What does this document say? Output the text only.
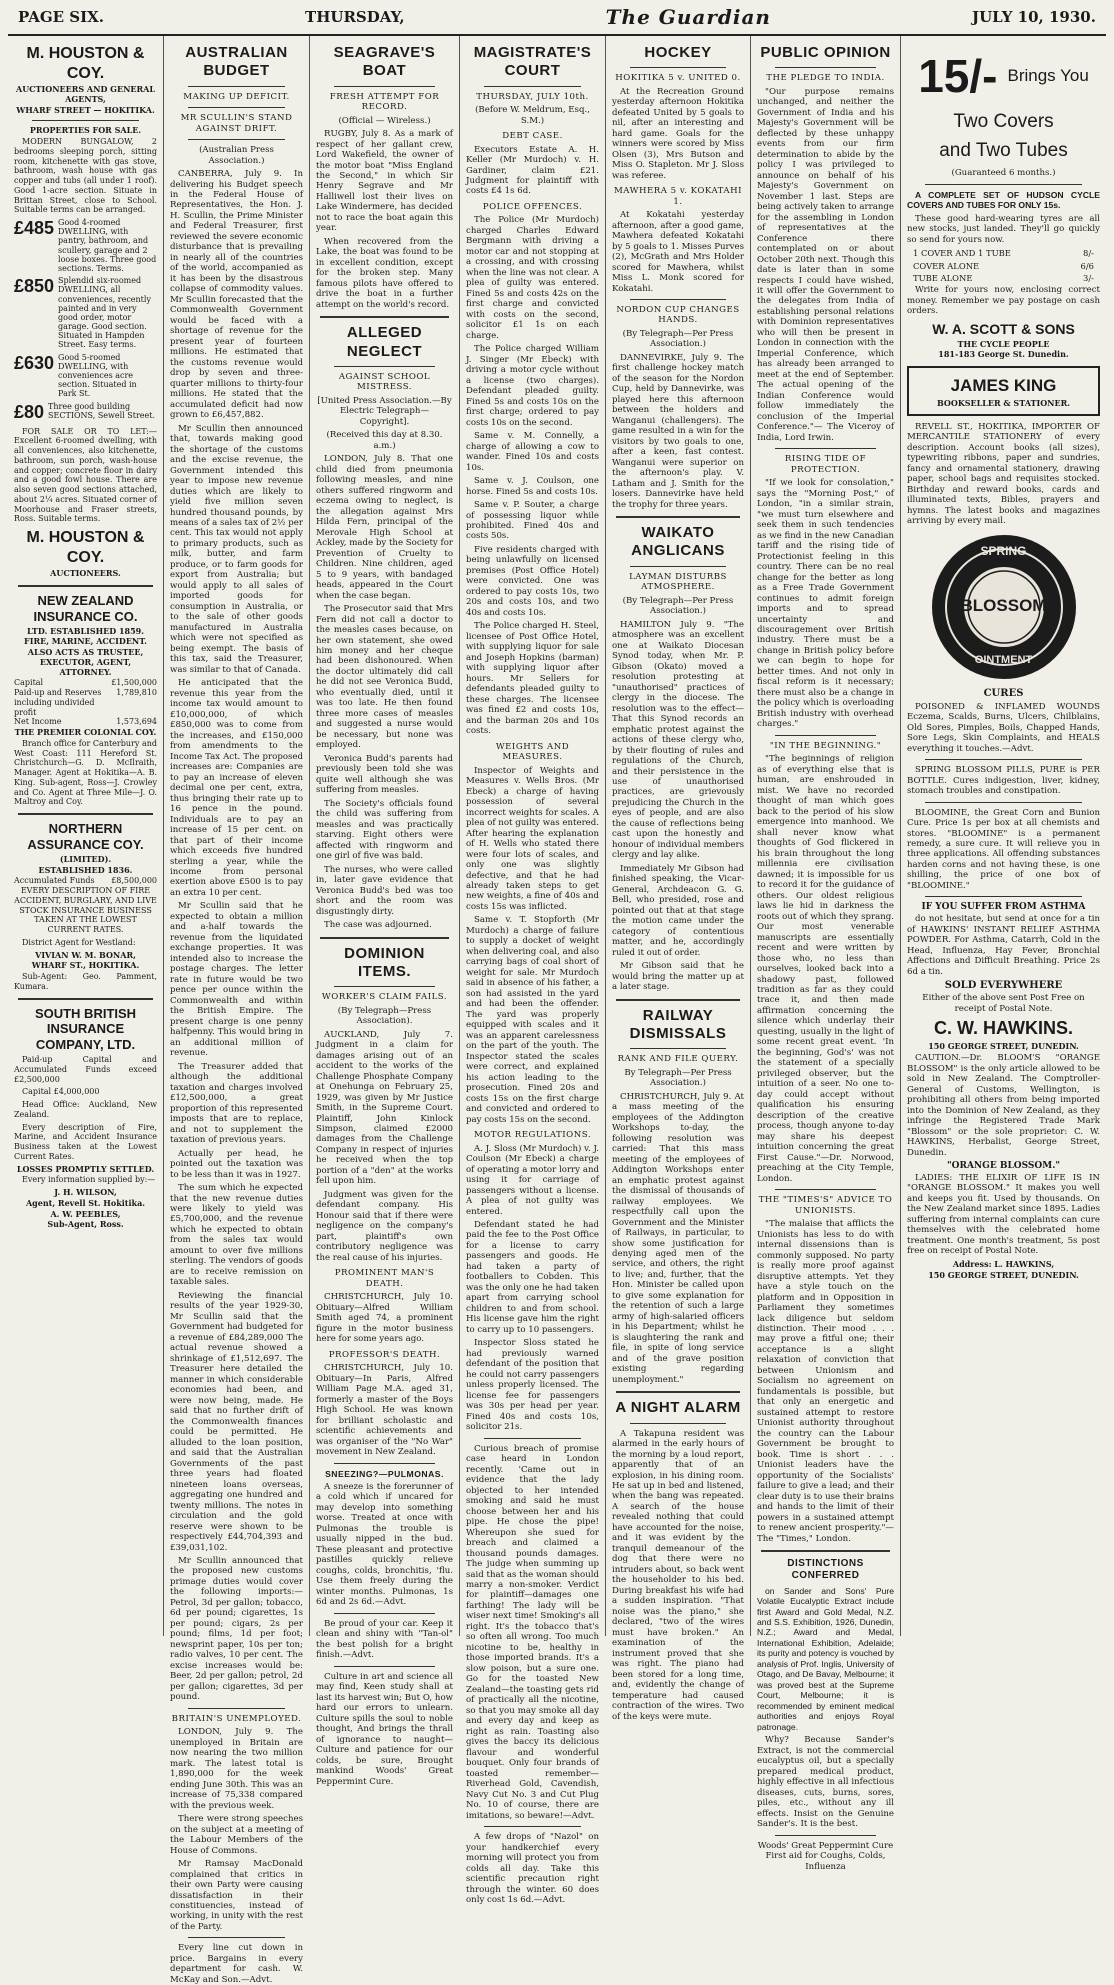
PAGE SIX.	THURSDAY,	The Guardian	JULY 10, 1930.
M. HOUSTON & COY.
AUCTIONEERS AND GENERAL AGENTS,
WHARF STREET — HOKITIKA.
PROPERTIES FOR SALE.

MODERN BUNGALOW, 2 bedrooms sleeping porch, sitting room, kitchenette with gas stove, bathroom, wash house with gas copper and tubs (all under 1 roof). Good 1-acre section. Situate in Brittan Street, close to School. Suitable terms can be arranged.

£485 Good 4-roomed DWELLING, with pantry, bathroom, and scullery, garage and 2 loose boxes. Three good sections. Terms.
£850 Splendid six-roomed DWELLING, all conveniences, recently painted and in very good order, motor garage. Good section. Situated in Hampden Street. Easy terms.
£630 Good 5-roomed DWELLING, with conveniences acre section. Situated in Park St.
£80 Three good building SECTIONS, Sewell Street.

FOR SALE OR TO LET:—Excellent 6-roomed dwelling, with all conveniences, also kitchenette, bathroom, sun porch, wash-house and copper; concrete floor in dairy and a good fowl house. There are also seven good sections attached, about 2¼ acres. Situated corner of Moorhouse and Fraser streets, Ross. Suitable terms.

M. HOUSTON & COY.
AUCTIONEERS.
NEW ZEALAND INSURANCE CO.
LTD. ESTABLISHED 1859.
FIRE, MARINE, ACCIDENT.
ALSO ACTS AS TRUSTEE, EXECUTOR, AGENT, ATTORNEY.
Capital	£1,500,000
Paid-up and Reserves including undivided profit
1,789,810
Net Income	1,573,694
THE PREMIER COLONIAL COY.

Branch office for Canterbury and West Coast: 111 Hereford St. Christchurch—G. D. McIlraith, Manager. Agent at Hokitika—A. B. King. Sub-agent, Ross—J. Crowley and Co. Agent at Three Mile—J. O. Maltroy and Coy.

NORTHERN ASSURANCE COY.
(LIMITED).
ESTABLISHED 1836.
Accumulated Funds £8,500,000

EVERY DESCRIPTION OF FIRE ACCIDENT, BURGLARY, AND LIVE STOCK INSURANCE BUSINESS TAKEN AT THE LOWEST CURRENT RATES.

District Agent for Westland:

VIVIAN W. M. BONAR,
WHARF ST., HOKITIKA.

Sub-Agent: Geo. Pamment, Kumara.

SOUTH BRITISH INSURANCE COMPANY, LTD.

Paid-up Capital and Accumulated Funds exceed £2,500,000

Capital £4,000,000

Head Office: Auckland, New Zealand.

Every description of Fire, Marine, and Accident Insurance Business taken at the Lowest Current Rates.

LOSSES PROMPTLY SETTLED.

Every information supplied by:—

J. H. WILSON,
Agent, Revell St. Hokitika.
A. W. PEEBLES,
Sub-Agent, Ross.
AUSTRALIAN BUDGET
MAKING UP DEFICIT.
MR SCULLIN'S STAND AGAINST DRIFT.

(Australian Press Association.)

CANBERRA, July 9. In delivering his Budget speech in the Federal House of Representatives, the Hon. J. H. Scullin, the Prime Minister and Federal Treasurer, first reviewed the severe economic disturbance that is prevailing in nearly all of the countries of the world, accompanied as it has been by the disastrous collapse of commodity values. Mr Scullin forecasted that the Commonwealth Government would be faced with a shortage of revenue for the present year of fourteen millions. He estimated that the customs revenue would drop by seven and three-quarter millions to thirty-four millions. He stated that the accumulated deficit had now grown to £6,457,882.

Mr Scullin then announced that, towards making good the shortage of the customs and the excise revenue, the Government intended this year to impose new revenue duties which are likely to yield five million seven hundred thousand pounds, by means of a sales tax of 2½ per cent. This tax would not apply to primary products, such as milk, butter, and farm produce, or to farm goods for export from Australia; but would apply to all sales of imported goods for consumption in Australia, or to the sale of other goods manufactured in Australia which were not specified as being exempt. The basis of this tax, said the Treasurer, was similar to that of Canada.

He anticipated that the revenue this year from the income tax would amount to £10,000,000, of which £850,000 was to come from the increases, and £150,000 from amendments to the Income Tax Act. The proposed increases are: Companies are to pay an increase of eleven decimal one per cent, extra, thus bringing their rate up to 16 pence in the pound. Individuals are to pay an increase of 15 per cent. on that part of their income which exceeds five hundred sterling a year, while the income from personal exertion above £500 is to pay an extra 10 per cent.

Mr Scullin said that he expected to obtain a million and a-half towards the revenue from the liquidated exchange properties. It was intended also to increase the postage charges. The letter rate in future would be two pence per ounce within the Commonwealth and within the British Empire. The present charge is one penny halfpenny. This would bring in an additional million of revenue.

The Treasurer added that although the additional taxation and charges involved £12,500,000, a great proportion of this represented imposts that are to replace, and not to supplement the taxation of previous years.

Actually per head, he pointed out the taxation was to be less than it was in 1927.

The sum which he expected that the new revenue duties were likely to yield was £5,700,000, and the revenue which he expected to obtain from the sales tax would amount to over five millions sterling. The vendors of goods are to receive remission on taxable sales.

Reviewing the financial results of the year 1929-30, Mr Scullin said that the Government had budgeted for a revenue of £84,289,000 The actual revenue showed a shrinkage of £1,512,697. The Treasurer here detailed the manner in which considerable economies had been, and were now being, made. He said that no further drift of the Commonwealth finances could be permitted. He alluded to the loan position, and said that the Australian Governments of the past three years had floated nineteen loans overseas, aggregating one hundred and twenty millions. The notes in circulation and the gold reserve were shown to be respectively £44,704,393 and £39,031,102.

Mr Scullin announced that the proposed new customs primage duties would cover the following imports:— Petrol, 3d per gallon; tobacco, 6d per pound; cigarettes, 1s per pound; cigars, 2s per pound; films, 1d per foot; newsprint paper, 10s per ton; radio valves, 10 per cent. The excise increases would be: Beer, 2d per gallon; petrol, 2d per gallon; cigarettes, 3d per pound.

BRITAIN'S UNEMPLOYED.

LONDON, July 9. The unemployed in Britain are now nearing the two million mark. The latest total is 1,890,000 for the week ending June 30th. This was an increase of 75,338 compared with the previous week.

There were strong speeches on the subject at a meeting of the Labour Members of the House of Commons.

Mr Ramsay MacDonald complained that critics in their own Party were causing dissatisfaction in their constituencies, instead of working, in unity with the rest of the Party.

Every line cut down in price. Bargains in every department for cash. W. McKay and Son.—Advt.

SEAGRAVE'S BOAT
FRESH ATTEMPT FOR RECORD.

(Official — Wireless.)

RUGBY, July 8. As a mark of respect of her gallant crew, Lord Wakefield, the owner of the motor boat "Miss England the Second," in which Sir Henry Segrave and Mr Halliwell lost their lives on Lake Windermere, has decided not to race the boat again this year.

When recovered from the Lake, the boat was found to be in excellent condition, except for the broken step. Many famous pilots have offered to drive the boat in a further attempt on the world's record.

ALLEGED NEGLECT
AGAINST SCHOOL MISTRESS.

[United Press Association.—By Electric Telegraph—Copyright].

(Received this day at 8.30. a.m.)

LONDON, July 8. That one child died from pneumonia following measles, and nine others suffered ringworm and eczema owing to neglect, is the allegation against Mrs Hilda Fern, principal of the Merovale High School at Ackley, made by the Society for Prevention of Cruelty to Children. Nine children, aged 5 to 9 years, with bandaged heads, appeared in the Court when the case began.

The Prosecutor said that Mrs Fern did not call a doctor to the measles cases because, on her own statement, she owed him money and her cheque had been dishonoured. When the doctor ultimately did call he did not see Veronica Budd, who eventually died, until it was too late. He then found three more cases of measles and suggested a nurse would be necessary, but none was employed.

Veronica Budd's parents had previously been told she was quite well although she was suffering from measles.

The Society's officials found the child was suffering from measles and was practically starving. Eight others were affected with ringworm and one girl of five was bald.

The nurses, who were called in, later gave evidence that Veronica Budd's bed was too short and the room was disgustingly dirty.

The case was adjourned.

DOMINION ITEMS.
WORKER'S CLAIM FAILS.

(By Telegraph—Press Association).

AUCKLAND, July 7. Judgment in a claim for damages arising out of an accident to the works of the Challenge Phosphate Company at Onehunga on February 25, 1929, was given by Mr Justice Smith, in the Supreme Court. Plaintiff, John Kinlock Simpson, claimed £2000 damages from the Challenge Company in respect of injuries he received when the top portion of a "den" at the works fell upon him.

Judgment was given for the defendant company. His Honour said that if there were negligence on the company's part, plaintiff's own contributory negligence was the real cause of his injuries.

PROMINENT MAN'S DEATH.

CHRISTCHURCH, July 10. Obituary—Alfred William Smith aged 74, a prominent figure in the motor business here for some years ago.

PROFESSOR'S DEATH.

CHRISTCHURCH, July 10. Obituary—In Paris, Alfred William Page M.A. aged 31, formerly a master of the Boys High School. He was known for brilliant scholastic and scientific achievements and was organiser of the "No War" movement in New Zealand.

SNEEZING?—PULMONAS.

A sneeze is the forerunner of a cold which if uncared for may develop into something worse. Treated at once with Pulmonas the trouble is usually nipped in the bud. These pleasant and protective pastilles quickly relieve coughs, colds, bronchitis, 'flu. Use them freely during the winter months. Pulmonas, 1s 6d and 2s 6d.—Advt.

Be proud of your car. Keep it clean and shiny with "Tan-ol" the best polish for a bright finish.—Advt.

Culture in art and science all may find, Keen study shall at last its harvest win; But O, how hard our errors to unlearn. Culture spills the soul to noble thought, And brings the thrall of ignorance to naught— Culture and patience for our colds, be sure, Brought mankind Woods' Great Peppermint Cure.

MAGISTRATE'S COURT
THURSDAY, JULY 10th.

(Before W. Meldrum, Esq., S.M.)

DEBT CASE.

Executors Estate A. H. Keller (Mr Murdoch) v. H. Gardiner, claim £21. Judgment for plaintiff with costs £4 1s 6d.

POLICE OFFENCES.

The Police (Mr Murdoch) charged Charles Edward Bergmann with driving a motor car and not stopping at a crossing, and with crossing when the line was not clear. A plea of guilty was entered. Fined 5s and costs 42s on the first charge and convicted with costs on the second, solicitor £1 1s on each charge.

The Police charged William J. Singer (Mr Ebeck) with driving a motor cycle without a license (two charges). Defendant pleaded guilty. Fined 5s and costs 10s on the first charge; ordered to pay costs 10s on the second.

Same v. M. Connelly, a charge of allowing a cow to wander. Fined 10s and costs 10s.

Same v. J. Coulson, one horse. Fined 5s and costs 10s.

Same v. P. Souter, a charge of possessing liquor while prohibited. Fined 40s and costs 50s.

Five residents charged with being unlawfully on licensed premises (Post Office Hotel) were convicted. One was ordered to pay costs 10s, two 20s and costs 10s, and two 40s and costs 10s.

The Police charged H. Steel, licensee of Post Office Hotel, with supplying liquor for sale and Joseph Hopkins (barman) with supplying liquor after hours. Mr Sellers for defendants pleaded guilty to these charges. The licensee was fined £2 and costs 10s, and the barman 20s and 10s costs.

WEIGHTS AND MEASURES.

Inspector of Weights and Measures v. Wells Bros. (Mr Ebeck) a charge of having possession of several incorrect weights for scales. A plea of not guilty was entered. After hearing the explanation of H. Wells who stated there were four lots of scales, and only one was slightly defective, and that he had already taken steps to get new weights, a fine of 40s and costs 15s was inflicted.

Same v. T. Stopforth (Mr Murdoch) a charge of failure to supply a docket of weight when delivering coal, and also carrying bags of coal short of weight for sale. Mr Murdoch said in absence of his father, a son had assisted in the yard and had been the offender. The yard was properly equipped with scales and it was an apparent carelessness on the part of the youth. The Inspector stated the scales were correct, and explained his action leading to the prosecution. Fined 20s and costs 15s on the first charge and convicted and ordered to pay costs 15s on the second.

MOTOR REGULATIONS.

A. J. Sloss (Mr Murdoch) v. J. Coulson (Mr Ebeck) a charge of operating a motor lorry and using it for carriage of passengers without a license. A plea of not guilty was entered.

Defendant stated he had paid the fee to the Post Office for a license to carry passengers and goods. He had taken a party of footballers to Cobden. This was the only one he had taken apart from carrying school children to and from school. His license gave him the right to carry up to 10 passengers.

Inspector Sloss stated he had previously warned defendant of the position that he could not carry passengers unless properly licensed. The license fee for passengers was 30s per head per year. Fined 40s and costs 10s, solicitor 21s.

Curious breach of promise case heard in London recently. 'Came out in evidence that the lady objected to her intended smoking and said he must choose between her and his pipe. He chose the pipe! Whereupon she sued for breach and claimed a thousand pounds damages. The judge when summing up said that as the woman should marry a non-smoker. Verdict for plaintiff—damages one farthing! The lady will be wiser next time! Smoking's all right. It's the tobacco that's so often all wrong. Too much nicotine to be, healthy in those imported brands. It's a slow poison, but a sure one. Go for the toasted New Zealand—the toasting gets rid of practically all the nicotine, so that you may smoke all day and every day and keep as right as rain. Toasting also gives the baccy its delicious flavour and wonderful bouquet. Only four brands of toasted remember—Riverhead Gold, Cavendish, Navy Cut No. 3 and Cut Plug No. 10 of course, there are imitations, so beware!—Advt.

A few drops of "Nazol" on your handkerchief every morning will protect you from colds all day. Take this scientific precaution right through the winter. 60 does only cost 1s 6d.—Advt.

HOCKEY
HOKITIKA 5 v. UNITED 0.

At the Recreation Ground yesterday afternoon Hokitika defeated United by 5 goals to nil, after an interesting and hard game. Goals for the winners were scored by Miss Olsen (3), Mrs Butson and Miss O. Stapleton. Mr J. Sloss was referee.

MAWHERA 5 v. KOKATAHI 1.

At Kokatahi yesterday afternoon, after a good game, Mawhera defeated Kokatahi by 5 goals to 1. Misses Purves (2), McGrath and Mrs Holder scored for Mawhera, whilst Miss L. Monk scored for Kokatahi.

NORDON CUP CHANGES HANDS.

(By Telegraph—Per Press Association.)

DANNEVIRKE, July 9. The first challenge hockey match of the season for the Nordon Cup, held by Dannevirke, was played here this afternoon between the holders and Wanganui (challengers). The game resulted in a win for the visitors by two goals to one, after a keen, fast contest. Wanganui were superior on the afternoon's play. V. Latham and J. Smith for the losers. Dannevirke have held the trophy for three years.

WAIKATO ANGLICANS
LAYMAN DISTURBS ATMOSPHERE.

(By Telegraph—Per Press Association.)

HAMILTON July 9. "The atmosphere was an excellent one at Waikato Diocesan Synod today, when Mr. P. Gibson (Okato) moved a resolution protesting at "unauthorised" practices of clergy in the diocese. The resolution was to the effect—That this Synod records an emphatic protest against the actions of these clergy who, by their flouting of rules and regulations of the Church, and their persistence in the use of unauthorised practices, are grievously prejudicing the Church in the eyes of people, and are also the cause of reflections being cast upon the honestly and honour of individual members clergy and lay alike.

Immediately Mr Gibson had finished speaking, the Vicar-General, Archdeacon G. G. Bell, who presided, rose and pointed out that at that stage the motion came under the category of contentious matter, and he, accordingly ruled it out of order.

Mr Gibson said that he would bring the matter up at a later stage.

RAILWAY DISMISSALS
RANK AND FILE QUERY.

By Telegraph—Per Press Association.)

CHRISTCHURCH, July 9. At a mass meeting of the employees of the Addington Workshops to-day, the following resolution was carried: That this mass meeting of the employees of Addington Workshops enter an emphatic protest against the dismissal of thousands of railway employees. We respectfully call upon the Government and the Minister of Railways, in particular, to show some justification for denying aged men of the service, and others, the right to live; and, further, that the Hon. Minister be called upon to give some explanation for the retention of such a large army of high-salaried officers in his Department; whilst he is slaughtering the rank and file, in spite of long service and of the grave position existing regarding unemployment."

A NIGHT ALARM

A Takapuna resident was alarmed in the early hours of the morning by a loud report, apparently that of an explosion, in his dining room. He sat up in bed and listened, when the bang was repeated. A search of the house revealed nothing that could have accounted for the noise, and it was evident by the tranquil demeanour of the dog that there were no intruders about, so back went the householder to his bed. During breakfast his wife had a sudden inspiration. "That noise was the piano," she declared, "two of the wires must have broken." An examination of the instrument proved that she was right. The piano had been stored for a long time, and, evidently the change of temperature had caused contraction of the wires. Two of the keys were mute.

PUBLIC OPINION
THE PLEDGE TO INDIA.

"Our purpose remains unchanged, and neither the Government of India and his Majesty's Government will be deflected by these unhappy events from our firm determination to abide by the policy I was privileged to announce on behalf of his Majesty's Government on November 1 last. Steps are being actively taken to arrange for the assembling in London of representatives at the Conference there contemplated on or about October 20th next. Though this date is later than in some respects I could have wished, it will offer the Government to the delegates from India of establishing personal relations with Dominion representatives who will then be present in London in connection with the Imperial Conference, which has already been arranged to meet at the end of September. The actual opening of the Indian Conference would follow immediately the conclusion of the Imperial Conference."— The Viceroy of India, Lord Irwin.

RISING TIDE OF PROTECTION.

"If we look for consolation," says the "Morning Post," of London, "in a similar strain, "we must turn elsewhere and seek them in such tendencies as we find in the new Canadian tariff and the rising tide of Protectionist feeling in this country. There can be no real change for the better as long as a Free Trade Government continues to admit foreign imports and to spread uncertainty and discouragement over British industry. There must be a change in British policy before we can begin to hope for better times. And not only in fiscal reform is it necessary; there must also be a change in the policy which is overloading British industry with overhead charges."

"IN THE BEGINNING."

"The beginnings of religion as of everything else that is human, are enshrouded in mist. We have no recorded thought of man which goes back to the period of his slow emergence into manhood. We shall never know what thoughts of God flickered in his brain throughout the long millennia ere civilisation dawned; it is impossible for us to record it for the guidance of others. Our oldest religious laws lie hid in darkness the roots out of which they sprang. Our most venerable manuscripts are essentially recent and were written by those who, no less than ourselves, looked back into a shadowy past, followed tradition as far as they could trace it, and then made affirmation concerning the silence which underlay their questing, usually in the light of some recent great event. 'In the beginning, God's' was not the statement of a specially privileged observer, but the intuition of a seer. No one to-day could accept without qualification his ensuring description of the creative process, though anyone to-day may share his deepest intuition concerning the great First Cause."—Dr. Norwood, preaching at the City Temple, London.

THE "TIMES'S" ADVICE TO UNIONISTS.

"The malaise that afflicts the Unionists has less to do with internal dissensions than is commonly supposed. No party is really more proof against disruptive attempts. Yet they have a style touch on the platform and in Opposition in Parliament they sometimes lack diligence but seldom distinction. Their mood . . . may prove a fitful one; their acceptance is a slight relaxation of conviction that between Unionism and Socialism no agreement on fundamentals is possible, but that only an energetic and sustained attempt to restore Unionist authority throughout the country can the Labour Government be brought to book. Time is short . . . Unionist leaders have the opportunity of the Socialists' failure to give a lead; and their clear duty is to use their brains and hands to the limit of their powers in a sustained attempt to renew ancient prosperity."—The "Times," London.

DISTINCTIONS CONFERRED

on Sander and Sons' Pure Volatile Eucalyptic Extract include first Award and Gold Medal, N.Z. and S.S. Exhibition, 1926, Dunedin, N.Z.; Award and Medal, International Exhibition, Adelaide; its purity and potency is vouched by analysis of Prof. Inglis, University of Otago, and De Bavay, Melbourne; it was proved best at the Supreme Court, Melbourne; it is recommended by eminent medical authorities and enjoys Royal patronage.

Why? Because Sander's Extract, is not the commercial eucalyptus oil, but a specially prepared medical product, highly effective in all infectious diseases, cuts, burns, sores, piles, etc., without any ill effects. Insist on the Genuine Sander's. It is the best.

Woods' Great Peppermint Cure First aid for Coughs, Colds, Influenza

15/- Brings You
Two Covers
and Two Tubes

(Guaranteed 6 months.)

A COMPLETE SET OF HUDSON CYCLE COVERS AND TUBES FOR ONLY 15s.

These good hard-wearing tyres are all new stocks, just landed. They'll go quickly so send for yours now.

1 COVER AND 1 TUBE	8/-
COVER ALONE	6/6
TUBE ALONE	3/-

Write for yours now, enclosing correct money. Remember we pay postage on cash orders.

W. A. SCOTT & SONS
THE CYCLE PEOPLE
181-183 George St. Dunedin.
JAMES KING
BOOKSELLER & STATIONER.

REVELL ST., HOKITIKA, IMPORTER OF MERCANTILE STATIONERY of every description. Account books (all sizes), typewriting ribbons, paper and sundries, fancy and ornamental stationery, drawing paper, school bags and requisites stocked. Birthday and reward books, cards and illuminated texts, Bibles, prayers and hymns. The latest books and magazines arriving by every mail.

SPRING
BLOSSOM
OINTMENT
CURES

POISONED & INFLAMED WOUNDS Eczema, Scalds, Burns, Ulcers, Chilblains, Old Sores, Pimples, Boils, Chapped Hands, Sore Legs, Skin Complaints, and HEALS everything it touches.—Advt.

SPRING BLOSSOM PILLS, PURE is PER BOTTLE. Cures indigestion, liver, kidney, stomach troubles and constipation.

BLOOMINE, the Great Corn and Bunion Cure. Price 1s per box at all chemists and stores. "BLOOMINE" is a permanent remedy, a sure cure. It will relieve you in three applications. All offending substances harden corns and not having these, is one shilling, the price of one box of "BLOOMINE."

IF YOU SUFFER FROM ASTHMA

do not hesitate, but send at once for a tin of HAWKINS' INSTANT RELIEF ASTHMA POWDER. For Asthma, Catarrh, Cold in the Head, Influenza, Hay Fever, Bronchial Affections and Difficult Breathing. Price 2s 6d a tin.

SOLD EVERYWHERE

Either of the above sent Post Free on receipt of Postal Note.

C. W. HAWKINS.
150 GEORGE STREET, DUNEDIN.

CAUTION.—Dr. BLOOM'S "ORANGE BLOSSOM" is the only article allowed to be sold in New Zealand. The Comptroller-General of Customs, Wellington, is prohibiting all others from being imported into the Dominion of New Zealand, as they infringe the Registered Trade Mark "Blossom" or the sole proprietor: C. W. HAWKINS, Herbalist, George Street, Dunedin.

"ORANGE BLOSSOM."

LADIES: THE ELIXIR OF LIFE IS IN "ORANGE BLOSSOM." It makes you well and keeps you fit. Used by thousands. On the New Zealand market since 1895. Ladies suffering from internal complaints can cure themselves with the celebrated home treatment. One month's treatment, 5s post free on receipt of Postal Note.

Address: L. HAWKINS,
150 GEORGE STREET, DUNEDIN.
